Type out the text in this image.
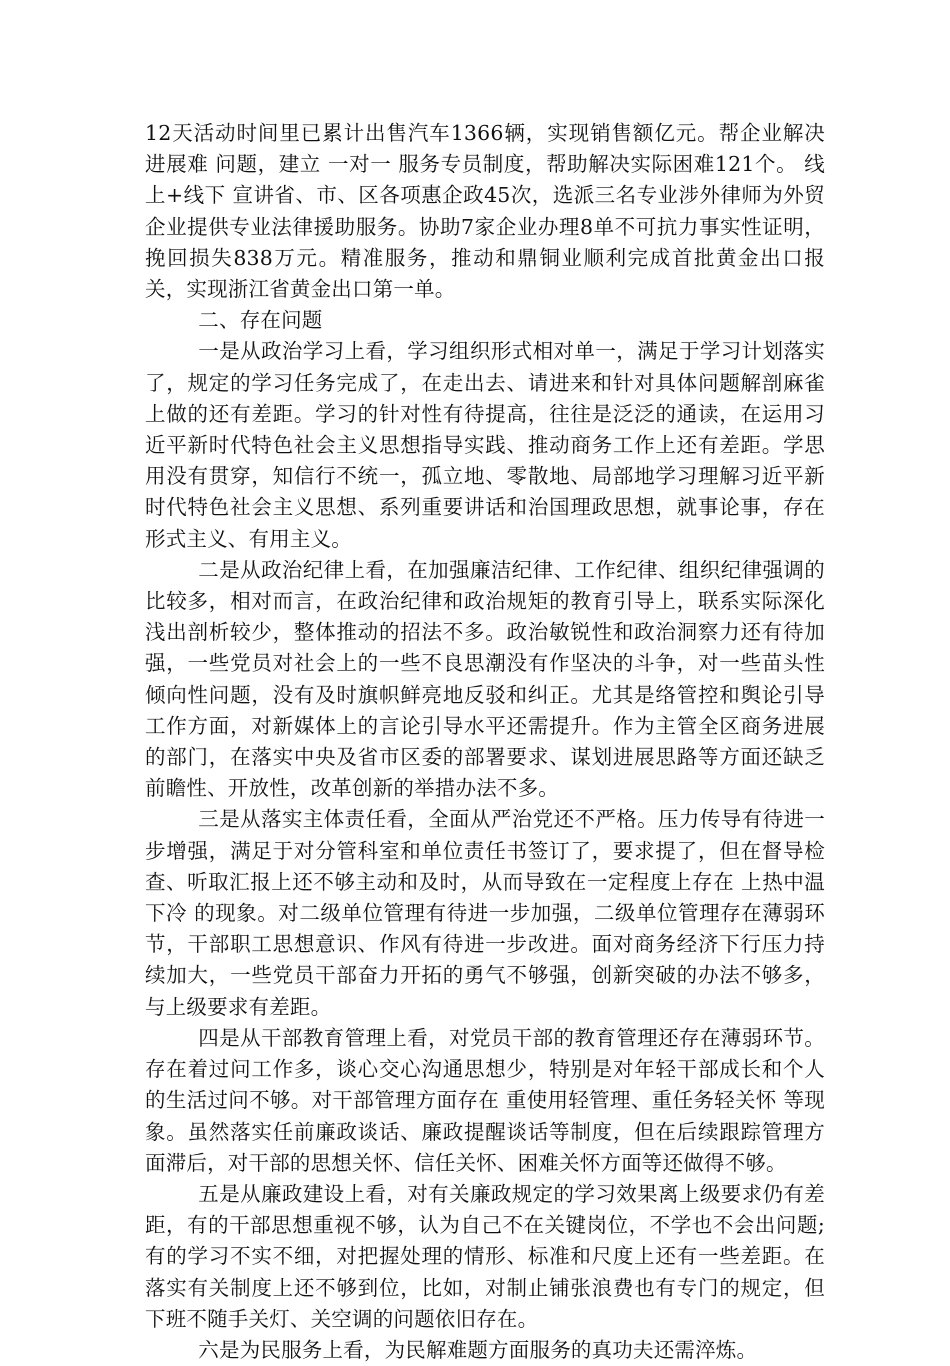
12天活动时间里已累计出售汽车1366辆，实现销售额亿元。帮企业解决 进展难 问题，建立 一对一 服务专员制度，帮助解决实际困难121个。 线上+线下 宣讲省、市、区各项惠企政45次，选派三名专业涉外律师为外贸企业提供专业法律援助服务。协助7家企业办理8单不可抗力事实性证明，挽回损失838万元。精准服务，推动和鼎铜业顺利完成首批黄金出口报关，实现浙江省黄金出口第一单。

二、存在问题

一是从政治学习上看，学习组织形式相对单一，满足于学习计划落实了，规定的学习任务完成了，在走出去、请进来和针对具体问题解剖麻雀上做的还有差距。学习的针对性有待提高，往往是泛泛的通读，在运用习近平新时代特色社会主义思想指导实践、推动商务工作上还有差距。学思用没有贯穿，知信行不统一，孤立地、零散地、局部地学习理解习近平新时代特色社会主义思想、系列重要讲话和治国理政思想，就事论事，存在形式主义、有用主义。

二是从政治纪律上看，在加强廉洁纪律、工作纪律、组织纪律强调的比较多，相对而言，在政治纪律和政治规矩的教育引导上，联系实际深化浅出剖析较少，整体推动的招法不多。政治敏锐性和政治洞察力还有待加强，一些党员对社会上的一些不良思潮没有作坚决的斗争，对一些苗头性倾向性问题，没有及时旗帜鲜亮地反驳和纠正。尤其是络管控和舆论引导工作方面，对新媒体上的言论引导水平还需提升。作为主管全区商务进展的部门，在落实中央及省市区委的部署要求、谋划进展思路等方面还缺乏前瞻性、开放性，改革创新的举措办法不多。

三是从落实主体责任看，全面从严治党还不严格。压力传导有待进一步增强，满足于对分管科室和单位责任书签订了，要求提了，但在督导检查、听取汇报上还不够主动和及时，从而导致在一定程度上存在 上热中温下冷 的现象。对二级单位管理有待进一步加强，二级单位管理存在薄弱环节，干部职工思想意识、作风有待进一步改进。面对商务经济下行压力持续加大，一些党员干部奋力开拓的勇气不够强，创新突破的办法不够多，与上级要求有差距。

四是从干部教育管理上看，对党员干部的教育管理还存在薄弱环节。存在着过问工作多，谈心交心沟通思想少，特别是对年轻干部成长和个人的生活过问不够。对干部管理方面存在 重使用轻管理、重任务轻关怀 等现象。虽然落实任前廉政谈话、廉政提醒谈话等制度，但在后续跟踪管理方面滞后，对干部的思想关怀、信任关怀、困难关怀方面等还做得不够。

五是从廉政建设上看，对有关廉政规定的学习效果离上级要求仍有差距，有的干部思想重视不够，认为自己不在关键岗位，不学也不会出问题;有的学习不实不细，对把握处理的情形、标准和尺度上还有一些差距。在落实有关制度上还不够到位，比如，对制止铺张浪费也有专门的规定，但下班不随手关灯、关空调的问题依旧存在。

六是为民服务上看，为民解难题方面服务的真功夫还需淬炼。
